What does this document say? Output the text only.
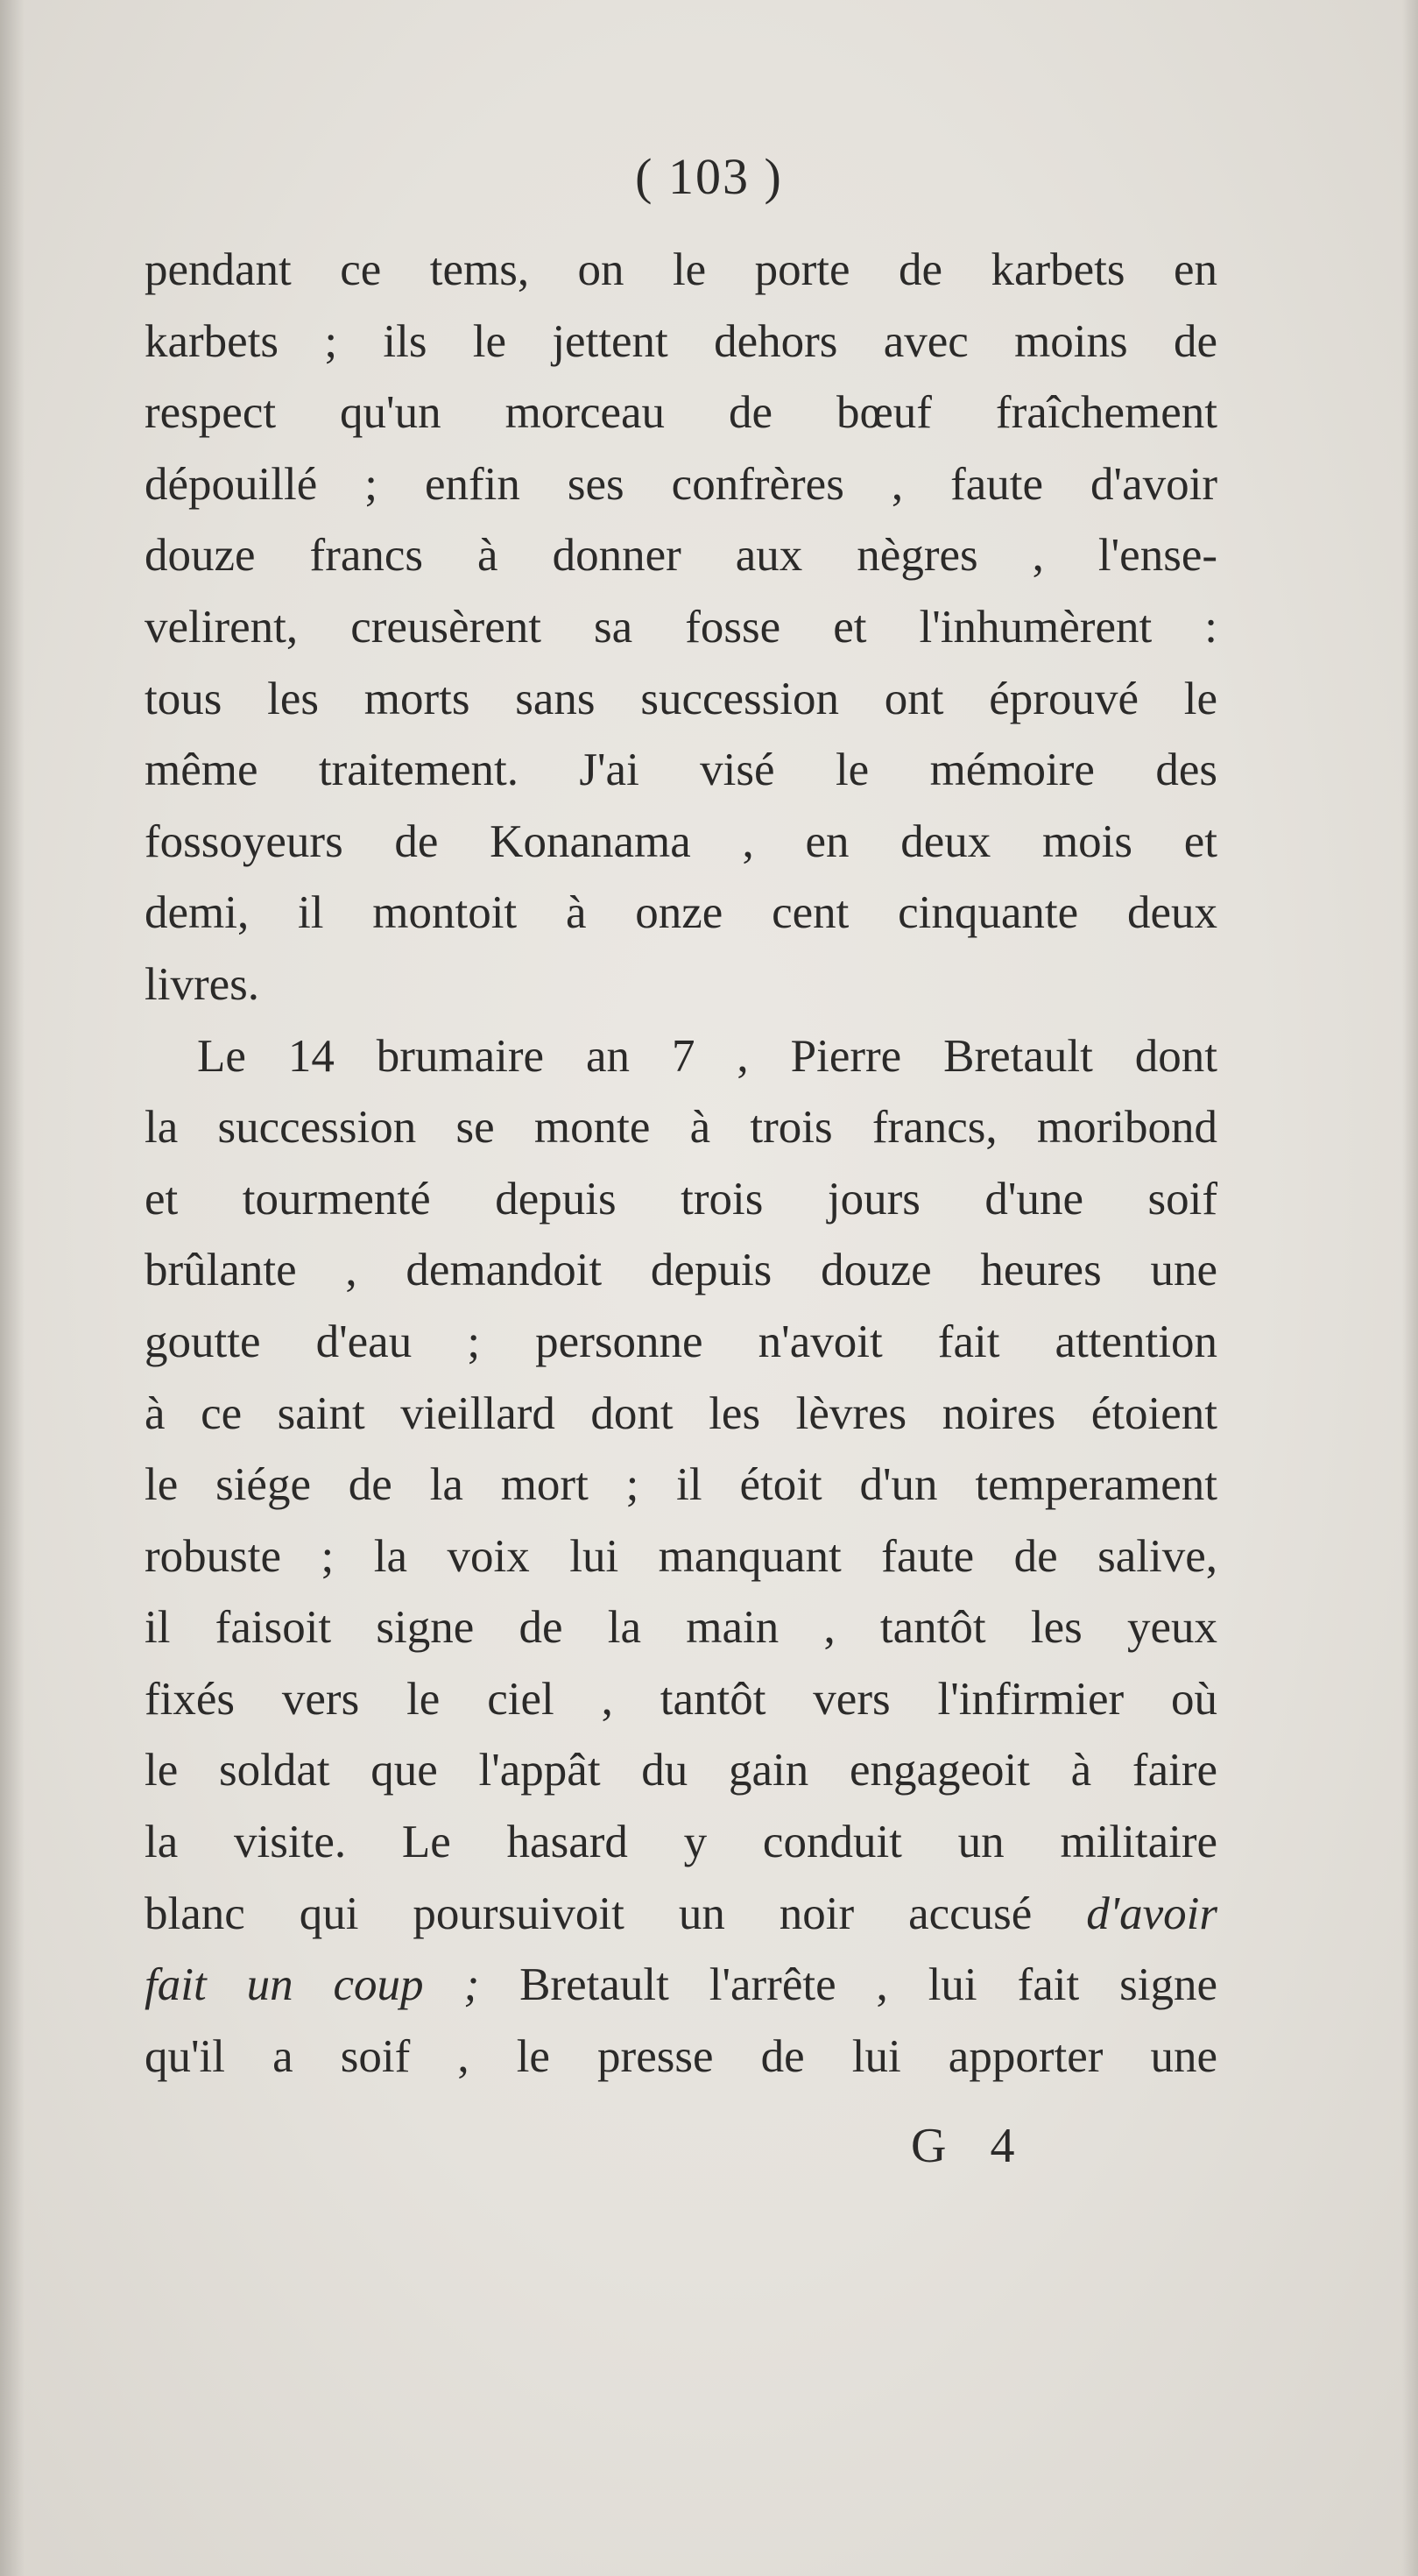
( 103 )
pendant ce tems, on le porte de karbets en
karbets ; ils le jettent dehors avec moins de
respect qu'un morceau de bœuf fraîchement
dépouillé ; enfin ses confrères , faute d'avoir
douze francs à donner aux nègres , l'ense-
velirent, creusèrent sa fosse et l'inhumèrent :
tous les morts sans succession ont éprouvé le
même traitement. J'ai visé le mémoire des
fossoyeurs de Konanama , en deux mois et
demi, il montoit à onze cent cinquante deux
livres.
Le 14 brumaire an 7 , Pierre Bretault dont
la succession se monte à trois francs, moribond
et tourmenté depuis trois jours d'une soif
brûlante , demandoit depuis douze heures une
goutte d'eau ; personne n'avoit fait attention
à ce saint vieillard dont les lèvres noires étoient
le siége de la mort ; il étoit d'un temperament
robuste ; la voix lui manquant faute de salive,
il faisoit signe de la main , tantôt les yeux
fixés vers le ciel , tantôt vers l'infirmier où
le soldat que l'appât du gain engageoit à faire
la visite. Le hasard y conduit un militaire
blanc qui poursuivoit un noir accusé d'avoir
fait un coup ; Bretault l'arrête , lui fait signe
qu'il a soif , le presse de lui apporter une
G 4
